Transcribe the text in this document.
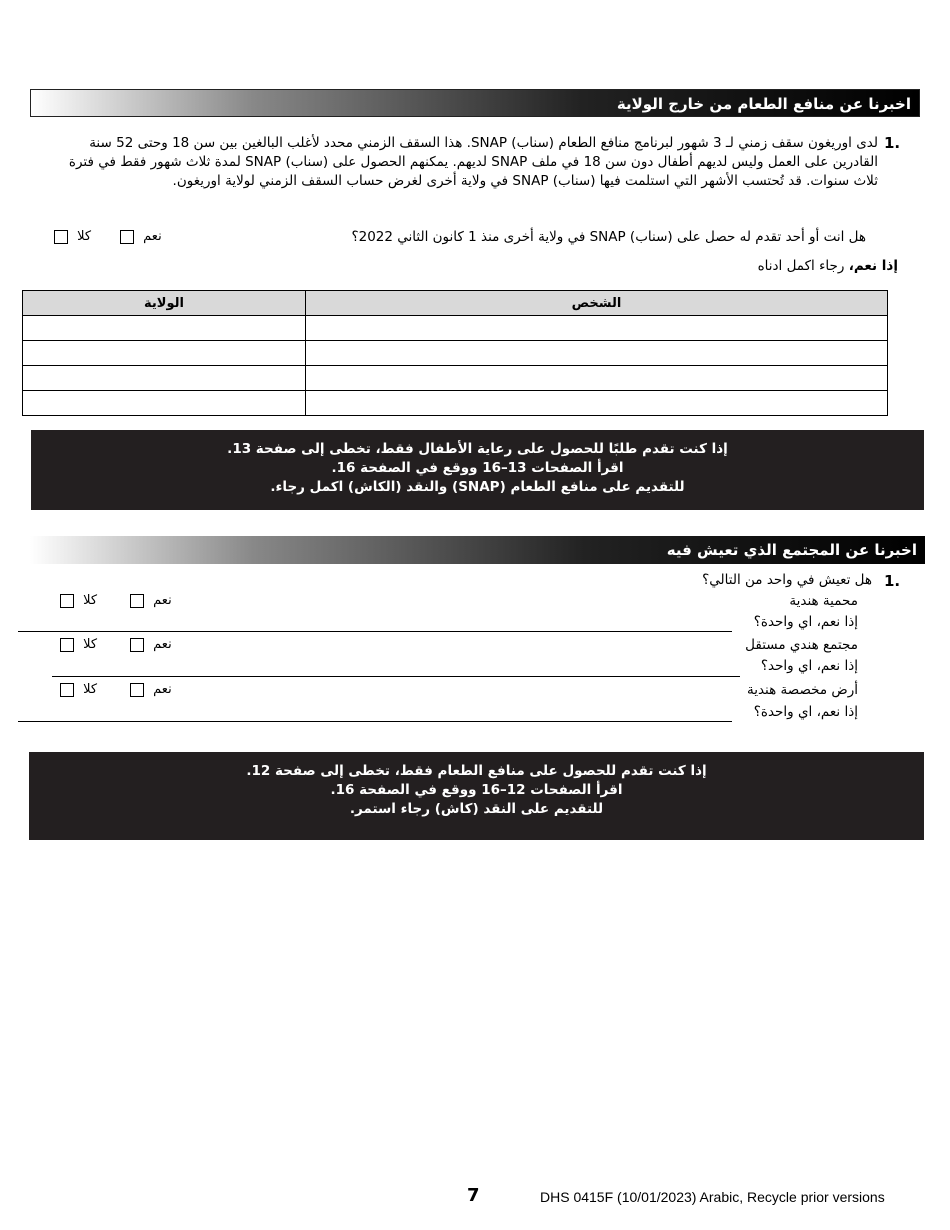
اخبرنا عن منافع الطعام من خارج الولاية
1.
لدى اوريغون سقف زمني لـ 3 شهور لبرنامج منافع الطعام (سناب) SNAP. هذا السقف الزمني محدد لأغلب البالغين بين سن 18 وحتى 52 سنة القادرين على العمل وليس لديهم أطفال دون سن 18 في ملف SNAP لديهم. يمكنهم الحصول على (سناب) SNAP لمدة ثلاث شهور فقط في فترة ثلاث سنوات. قد تُحتسب الأشهر التي استلمت فيها (سناب) SNAP في ولاية أخرى لغرض حساب السقف الزمني لولاية اوريغون.
هل انت أو أحد تقدم له حصل على (سناب) SNAP في ولاية أخرى منذ 1 كانون الثاني 2022؟
نعم
كلا
إذا نعم، رجاء اكمل ادناه
الولاية	الشخص

إذا كنت تقدم طلبًا للحصول على رعاية الأطفال فقط، تخطى إلى صفحة 13.
اقرأ الصفحات 13–16 ووقع في الصفحة 16.
للتقديم على منافع الطعام (SNAP) والنقد (الكاش) اكمل رجاء.
اخبرنا عن المجتمع الذي تعيش فيه
1.
هل تعيش في واحد من التالي؟
محمية هندية
نعم
كلا
إذا نعم، اي واحدة؟
مجتمع هندي مستقل
نعم
كلا
إذا نعم، اي واحد؟
أرض مخصصة هندية
نعم
كلا
إذا نعم، اي واحدة؟
إذا كنت تقدم للحصول على منافع الطعام فقط، تخطى إلى صفحة 12.
اقرأ الصفحات 12–16 ووقع في الصفحة 16.
للتقديم على النقد (كاش) رجاء استمر.
7	DHS 0415F (10/01/2023) Arabic, Recycle prior versions
